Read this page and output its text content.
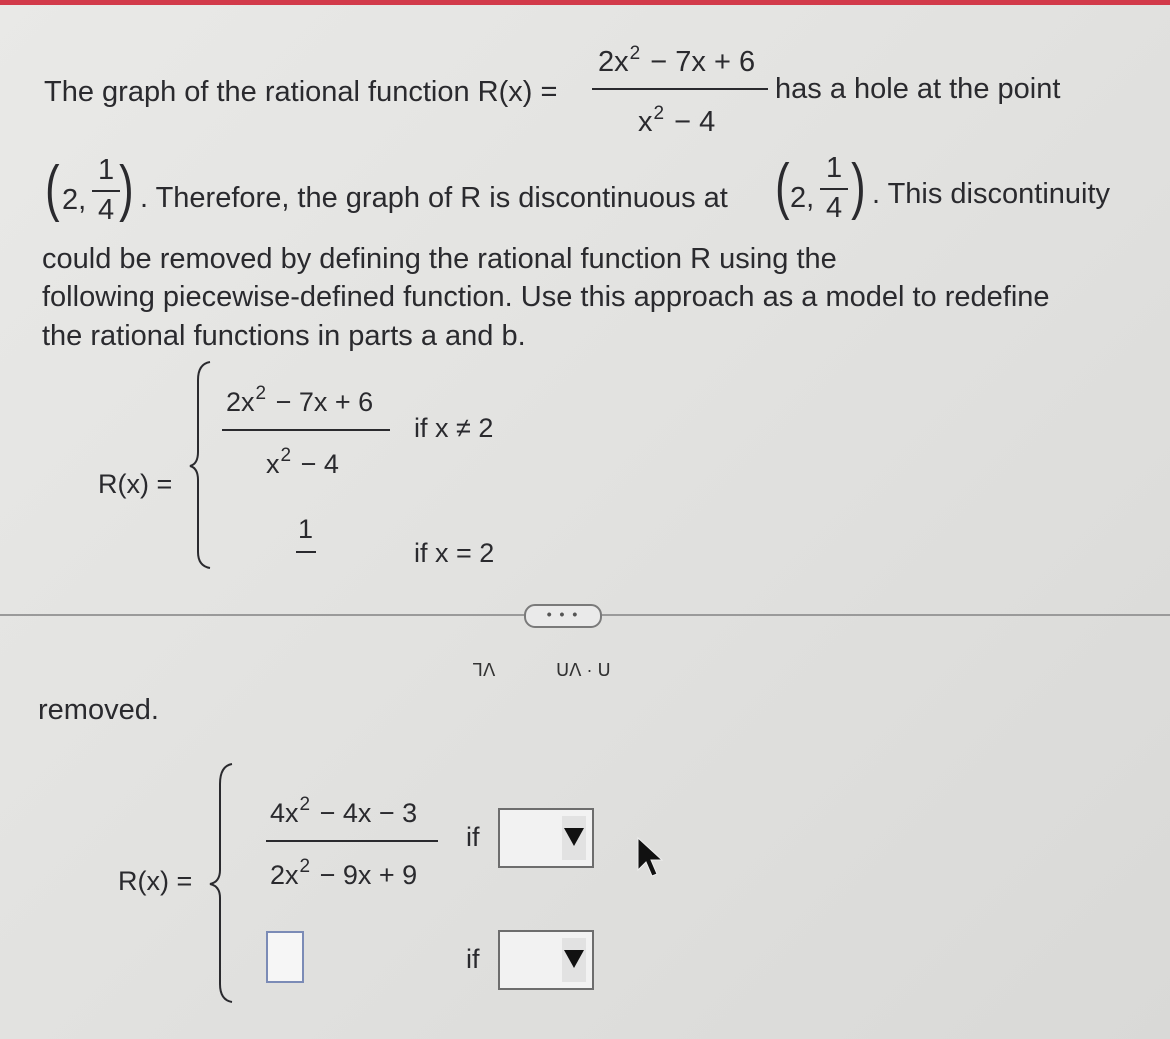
The graph of the rational function R(x) =
$2x^2 - 7x + 6$
$x^2 - 4$
has a hole at the point
( 2,
1
4 ) . Therefore, the graph of R is discontinuous at ( 2,
1
4 ) . This discontinuity
could be removed by defining the rational function R using the
following piecewise-defined function. Use this approach as a model to redefine
the rational functions in parts a and b.
R(x) =
$2x^2 - 7x + 6$
$x^2 - 4$
if x ≠ 2
1
if x = 2
• • •
ᒣᐱ	ᑌᐱ · ᑌ
removed.
R(x) =
$4x^2 - 4x - 3$
$2x^2 - 9x + 9$
if
if
